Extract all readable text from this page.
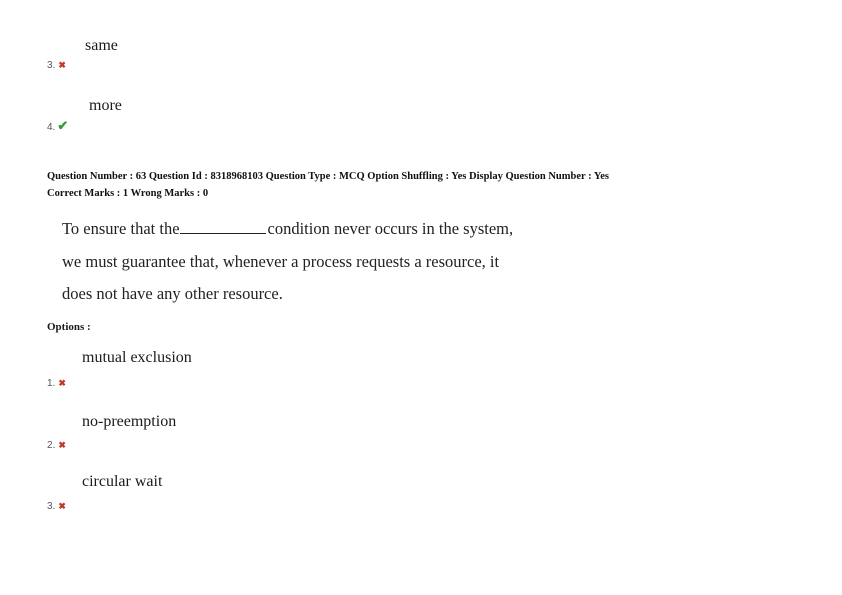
same
3. ✖
more
4. ✔
Question Number : 63 Question Id : 8318968103 Question Type : MCQ Option Shuffling : Yes Display Question Number : Yes
Correct Marks : 1 Wrong Marks : 0
To ensure that the	condition never occurs in the system,
we must guarantee that, whenever a process requests a resource, it
does not have any other resource.
Options :
mutual exclusion
1. ✖
no-preemption
2. ✖
circular wait
3. ✖
